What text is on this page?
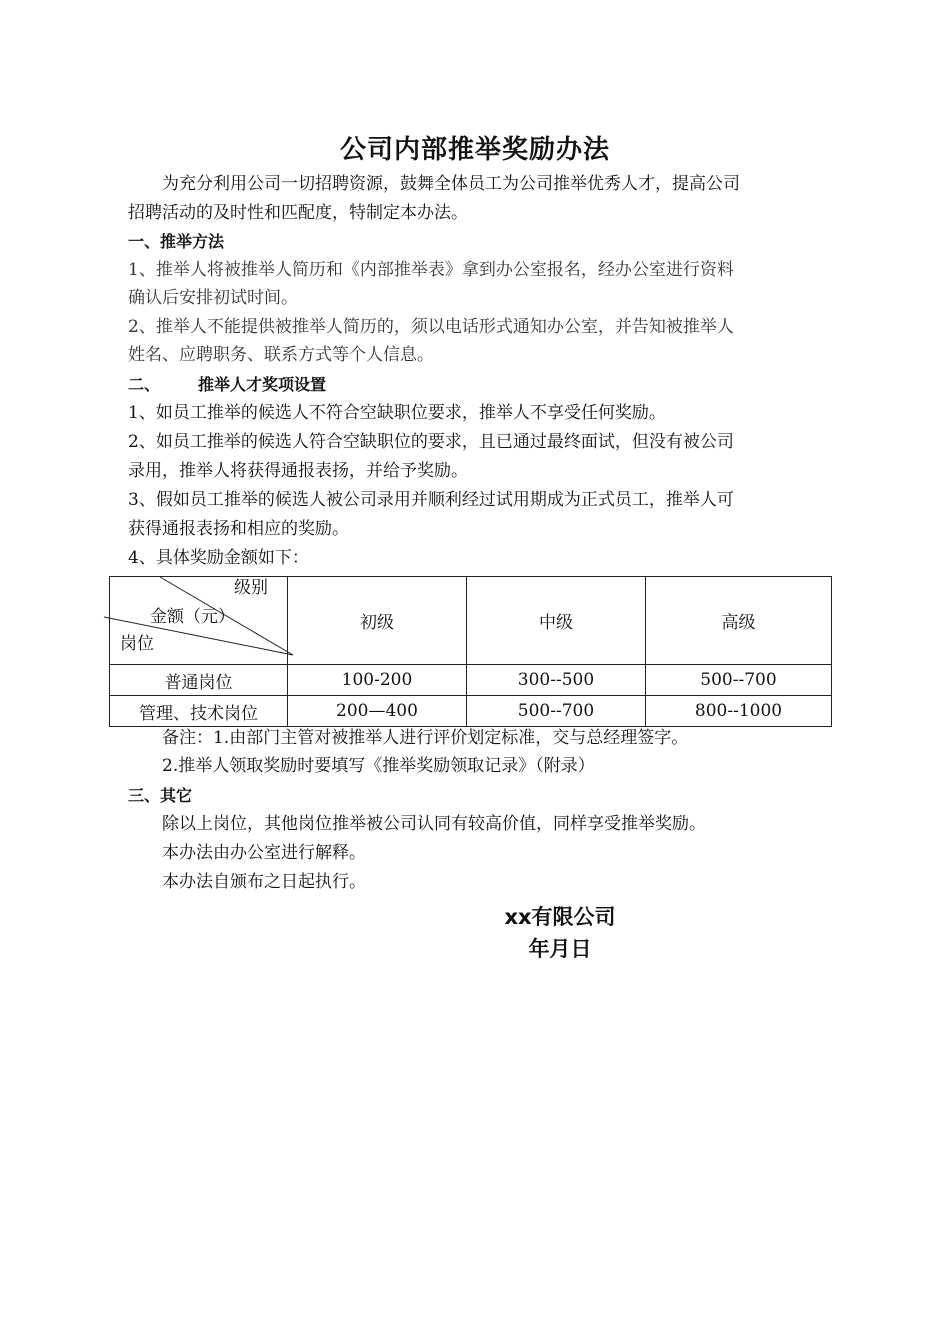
公司内部推举奖励办法
为充分利用公司一切招聘资源，鼓舞全体员工为公司推举优秀人才，提高公司
招聘活动的及时性和匹配度，特制定本办法。
一、推举方法
1、推举人将被推举人简历和《内部推举表》拿到办公室报名，经办公室进行资料
确认后安排初试时间。
2、推举人不能提供被推举人简历的，须以电话形式通知办公室，并告知被推举人
姓名、应聘职务、联系方式等个人信息。
二、 推举人才奖项设置
1、如员工推举的候选人不符合空缺职位要求，推举人不享受任何奖励。
2、如员工推举的候选人符合空缺职位的要求，且已通过最终面试，但没有被公司
录用，推举人将获得通报表扬，并给予奖励。
3、假如员工推举的候选人被公司录用并顺利经过试用期成为正式员工，推举人可
获得通报表扬和相应的奖励。
4、具体奖励金额如下：
级别
金额（元）
岗位	初级	中级	高级
普通岗位	100-200	300--500	500--700
管理、技术岗位	200—400	500--700	800--1000
备注：1.由部门主管对被推举人进行评价划定标准，交与总经理签字。
2.推举人领取奖励时要填写《推举奖励领取记录》（附录）
三、其它
除以上岗位，其他岗位推举被公司认同有较高价值，同样享受推举奖励。
本办法由办公室进行解释。
本办法自颁布之日起执行。
xx有限公司
年月日
